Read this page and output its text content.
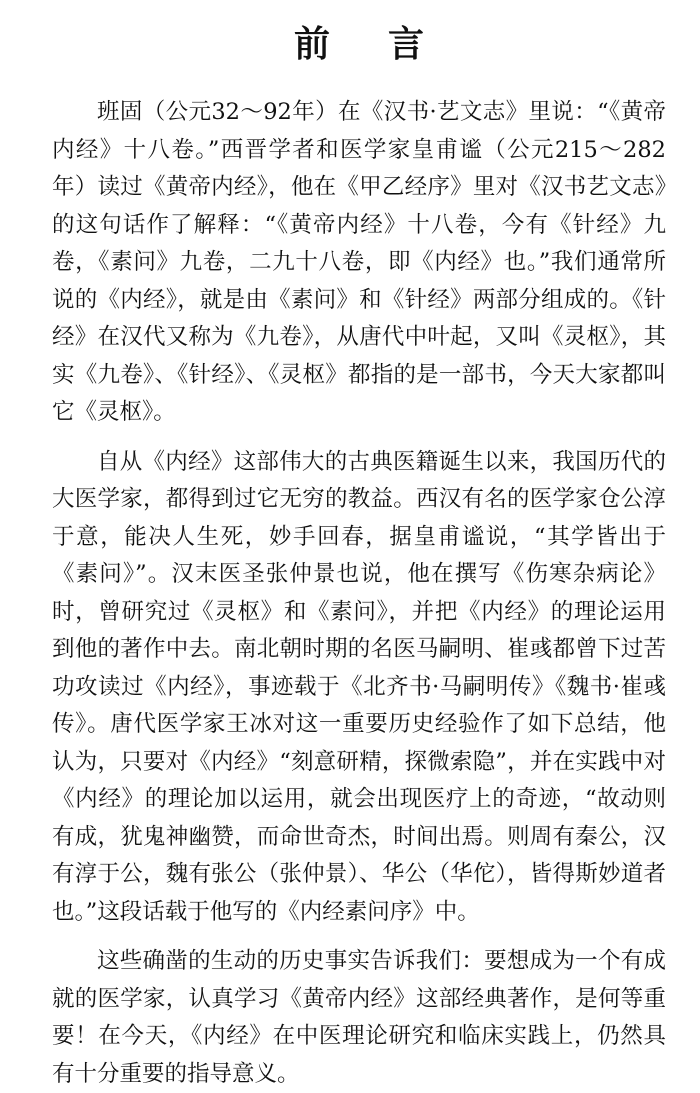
前言

班固（公元32～92年）在《汉书·艺文志》里说：“《黄帝内经》十八卷。”西晋学者和医学家皇甫谧（公元215～282年）读过《黄帝内经》，他在《甲乙经序》里对《汉书艺文志》的这句话作了解释：“《黄帝内经》十八卷，今有《针经》九卷，《素问》九卷，二九十八卷，即《内经》也。”我们通常所说的《内经》，就是由《素问》和《针经》两部分组成的。《针经》在汉代又称为《九卷》，从唐代中叶起，又叫《灵枢》，其实《九卷》、《针经》、《灵枢》都指的是一部书，今天大家都叫它《灵枢》。

自从《内经》这部伟大的古典医籍诞生以来，我国历代的大医学家，都得到过它无穷的教益。西汉有名的医学家仓公淳于意，能决人生死，妙手回春，据皇甫谧说，“其学皆出于《素问》”。汉末医圣张仲景也说，他在撰写《伤寒杂病论》时，曾研究过《灵枢》和《素问》，并把《内经》的理论运用到他的著作中去。南北朝时期的名医马嗣明、崔彧都曾下过苦功攻读过《内经》，事迹载于《北齐书·马嗣明传》《魏书·崔彧传》。唐代医学家王冰对这一重要历史经验作了如下总结，他认为，只要对《内经》“刻意研精，探微索隐”，并在实践中对《内经》的理论加以运用，就会出现医疗上的奇迹，“故动则有成，犹鬼神幽赞，而命世奇杰，时间出焉。则周有秦公，汉有淳于公，魏有张公（张仲景）、华公（华佗），皆得斯妙道者也。”这段话载于他写的《内经素问序》中。

这些确凿的生动的历史事实告诉我们：要想成为一个有成就的医学家，认真学习《黄帝内经》这部经典著作，是何等重要！在今天，《内经》在中医理论研究和临床实践上，仍然具有十分重要的指导意义。
